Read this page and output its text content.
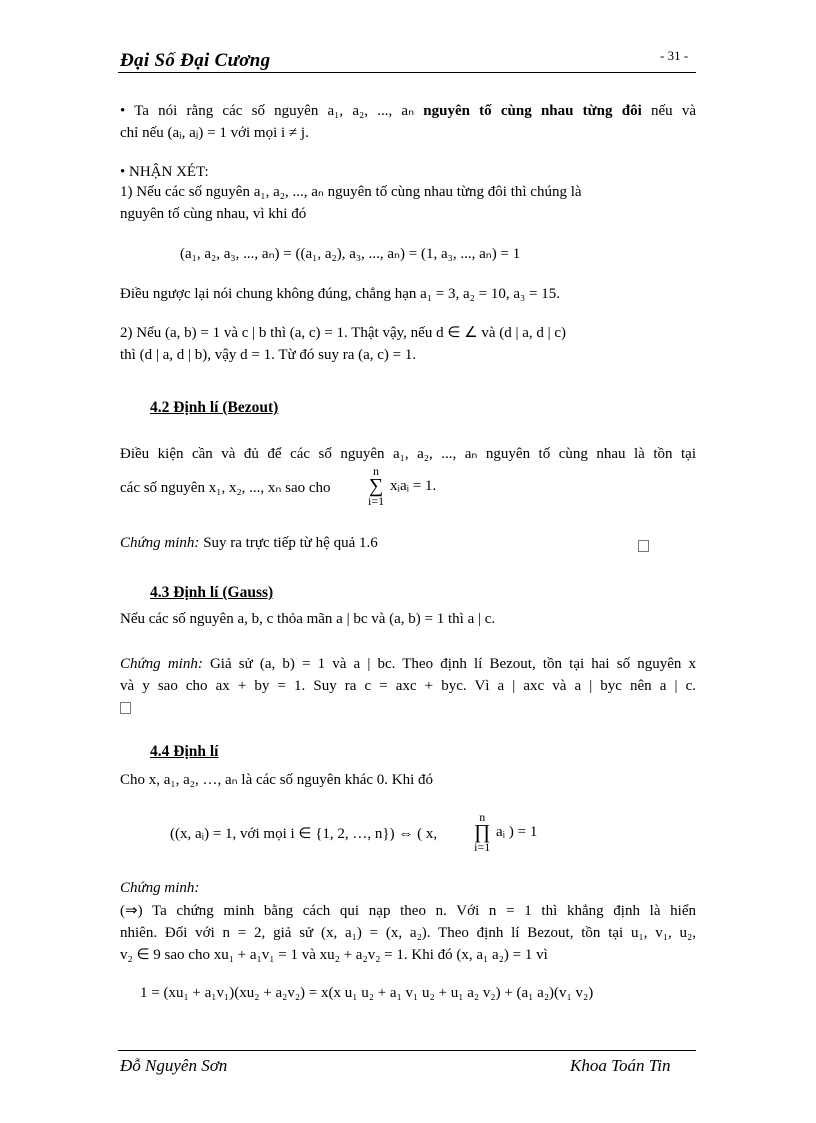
Đại Số Đại Cương	- 31 -
• Ta nói rằng các số nguyên a₁, a₂, ..., aₙ nguyên tố cùng nhau từng đôi nếu và
chỉ nếu (aᵢ, aⱼ) = 1 với mọi i ≠ j.
• NHẬN XÉT:
1) Nếu các số nguyên a₁, a₂, ..., aₙ nguyên tố cùng nhau từng đôi thì chúng là
nguyên tố cùng nhau, vì khi đó
(a₁, a₂, a₃, ..., aₙ) = ((a₁, a₂), a₃, ..., aₙ) = (1, a₃, ..., aₙ) = 1
Điều ngược lại nói chung không đúng, chẳng hạn a₁ = 3, a₂ = 10, a₃ = 15.
2) Nếu (a, b) = 1 và c | b thì (a, c) = 1. Thật vậy, nếu d ∈ ∠ và (d | a, d | c)
thì (d | a, d | b), vậy d = 1. Từ đó suy ra (a, c) = 1.
4.2 Định lí (Bezout)
Điều kiện cần và đủ để các số nguyên a₁, a₂, ..., aₙ nguyên tố cùng nhau là tồn tại
các số nguyên x₁, x₂, ..., xₙ sao cho
n
∑
i=1
xᵢaᵢ = 1.
Chứng minh: Suy ra trực tiếp từ hệ quả 1.6
4.3 Định lí (Gauss)
Nếu các số nguyên a, b, c thỏa mãn a | bc và (a, b) = 1 thì a | c.
Chứng minh: Giả sử (a, b) = 1 và a | bc. Theo định lí Bezout, tồn tại hai số nguyên x
và y sao cho ax + by = 1. Suy ra c = axc + byc. Vì a | axc và a | byc nên a | c.
4.4 Định lí
Cho x, a₁, a₂, …, aₙ là các số nguyên khác 0. Khi đó
((x, aᵢ) = 1, với mọi i ∈ {1, 2, …, n}) ⇔ ( x,
n
∏
i=1
aᵢ ) = 1
Chứng minh:
(⇒) Ta chứng minh bằng cách qui nạp theo n. Với n = 1 thì khẳng định là hiển
nhiên. Đối với n = 2, giả sử (x, a₁) = (x, a₂). Theo định lí Bezout, tồn tại u₁, v₁, u₂,
v₂ ∈ 9 sao cho xu₁ + a₁v₁ = 1 và xu₂ + a₂v₂ = 1. Khi đó (x, a₁ a₂) = 1 vì
1 = (xu₁ + a₁v₁)(xu₂ + a₂v₂) = x(x u₁ u₂ + a₁ v₁ u₂ + u₁ a₂ v₂) + (a₁ a₂)(v₁ v₂)
Đỗ Nguyên Sơn	Khoa Toán Tin
